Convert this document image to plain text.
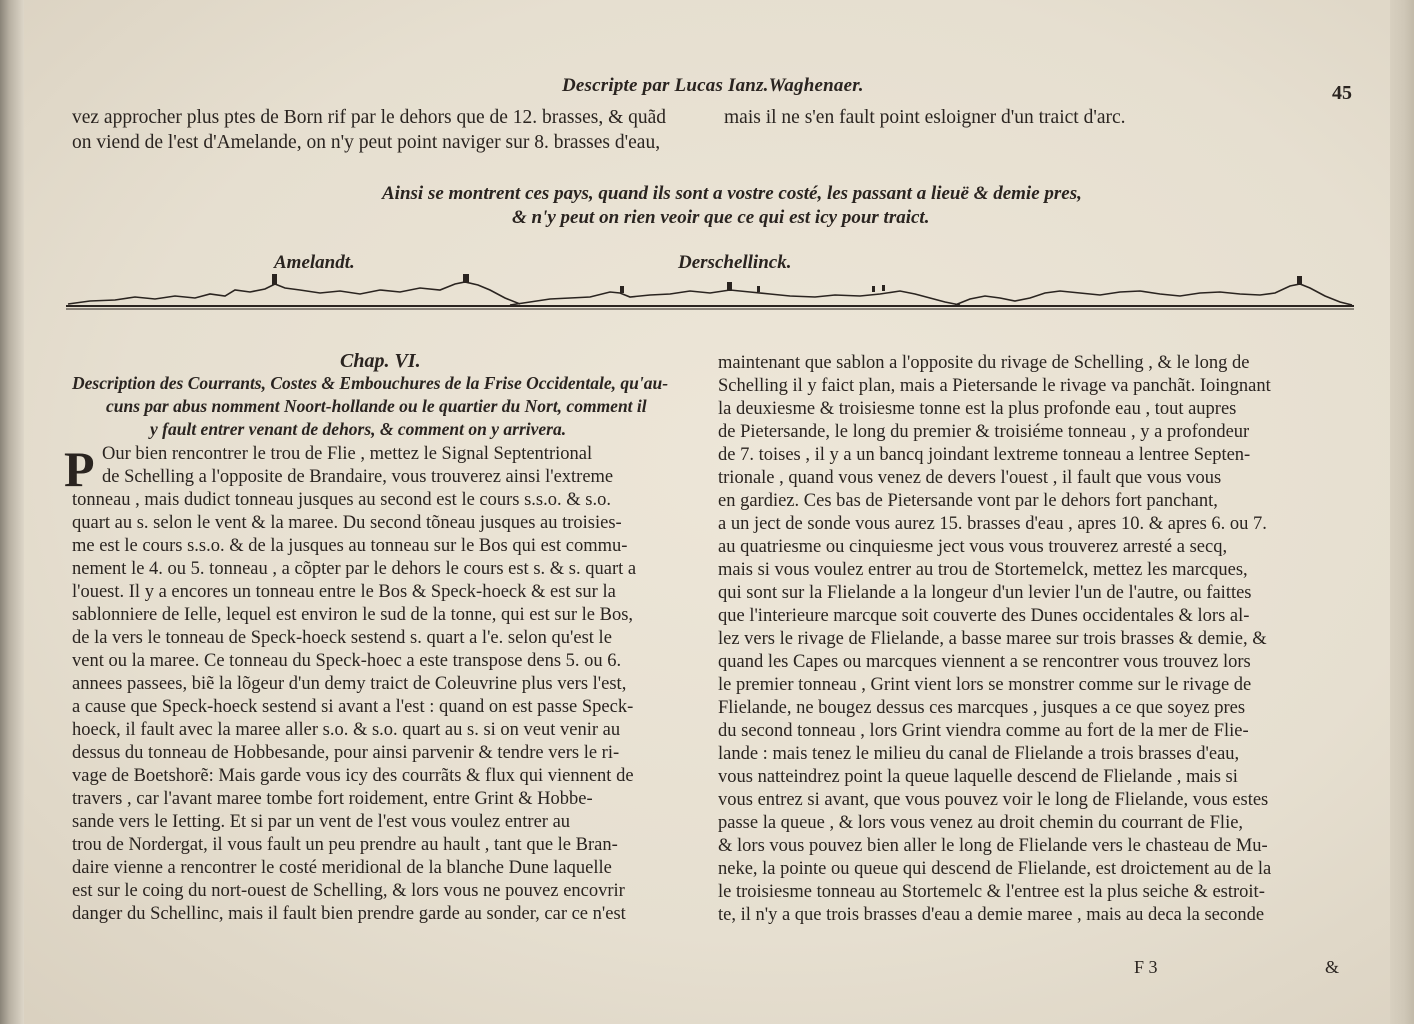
Descripte par Lucas Ianz.Waghenaer.	45
vez approcher plus ptes de Born rif par le dehors que de 12. brasses, & quãd
on viend de l'est d'Amelande, on n'y peut point naviger sur 8. brasses d'eau,
mais il ne s'en fault point esloigner d'un traict d'arc.
Ainsi se montrent ces pays, quand ils sont a vostre costé, les passant a lieuë & demie pres,
& n'y peut on rien veoir que ce qui est icy pour traict.
Amelandt.	Derschellinck.
Chap. VI.
Description des Courrants, Costes & Embouchures de la Frise Occidentale, qu'au-
cuns par abus nomment Noort-hollande ou le quartier du Nort, comment il
y fault entrer venant de dehors, & comment on y arrivera.
P Our bien rencontrer le trou de Flie , mettez le Signal Septentrional
de Schelling a l'opposite de Brandaire, vous trouverez ainsi l'extreme
tonneau , mais dudict tonneau jusques au second est le cours s.s.o. & s.o.
quart au s. selon le vent & la maree. Du second tõneau jusques au troisies-
me est le cours s.s.o. & de la jusques au tonneau sur le Bos qui est commu-
nement le 4. ou 5. tonneau , a cõpter par le dehors le cours est s. & s. quart a
l'ouest. Il y a encores un tonneau entre le Bos & Speck-hoeck & est sur la
sablonniere de Ielle, lequel est environ le sud de la tonne, qui est sur le Bos,
de la vers le tonneau de Speck-hoeck sestend s. quart a l'e. selon qu'est le
vent ou la maree. Ce tonneau du Speck-hoec a este transpose dens 5. ou 6.
annees passees, biẽ la lõgeur d'un demy traict de Coleuvrine plus vers l'est,
a cause que Speck-hoeck sestend si avant a l'est : quand on est passe Speck-
hoeck, il fault avec la maree aller s.o. & s.o. quart au s. si on veut venir au
dessus du tonneau de Hobbesande, pour ainsi parvenir & tendre vers le ri-
vage de Boetshorẽ: Mais garde vous icy des courrãts & flux qui viennent de
travers , car l'avant maree tombe fort roidement, entre Grint & Hobbe-
sande vers le Ietting. Et si par un vent de l'est vous voulez entrer au
trou de Nordergat, il vous fault un peu prendre au hault , tant que le Bran-
daire vienne a rencontrer le costé meridional de la blanche Dune laquelle
est sur le coing du nort-ouest de Schelling, & lors vous ne pouvez encovrir
danger du Schellinc, mais il fault bien prendre garde au sonder, car ce n'est
maintenant que sablon a l'opposite du rivage de Schelling , & le long de
Schelling il y faict plan, mais a Pietersande le rivage va panchãt. Ioingnant
la deuxiesme & troisiesme tonne est la plus profonde eau , tout aupres
de Pietersande, le long du premier & troisiéme tonneau , y a profondeur
de 7. toises , il y a un bancq joindant lextreme tonneau a lentree Septen-
trionale , quand vous venez de devers l'ouest , il fault que vous vous
en gardiez. Ces bas de Pietersande vont par le dehors fort panchant,
a un ject de sonde vous aurez 15. brasses d'eau , apres 10. & apres 6. ou 7.
au quatriesme ou cinquiesme ject vous vous trouverez arresté a secq,
mais si vous voulez entrer au trou de Stortemelck, mettez les marcques,
qui sont sur la Flielande a la longeur d'un levier l'un de l'autre, ou faittes
que l'interieure marcque soit couverte des Dunes occidentales & lors al-
lez vers le rivage de Flielande, a basse maree sur trois brasses & demie, &
quand les Capes ou marcques viennent a se rencontrer vous trouvez lors
le premier tonneau , Grint vient lors se monstrer comme sur le rivage de
Flielande, ne bougez dessus ces marcques , jusques a ce que soyez pres
du second tonneau , lors Grint viendra comme au fort de la mer de Flie-
lande : mais tenez le milieu du canal de Flielande a trois brasses d'eau,
vous natteindrez point la queue laquelle descend de Flielande , mais si
vous entrez si avant, que vous pouvez voir le long de Flielande, vous estes
passe la queue , & lors vous venez au droit chemin du courrant de Flie,
& lors vous pouvez bien aller le long de Flielande vers le chasteau de Mu-
neke, la pointe ou queue qui descend de Flielande, est droictement au de la
le troisiesme tonneau au Stortemelc & l'entree est la plus seiche & estroit-
te, il n'y a que trois brasses d'eau a demie maree , mais au deca la seconde
F 3	&
